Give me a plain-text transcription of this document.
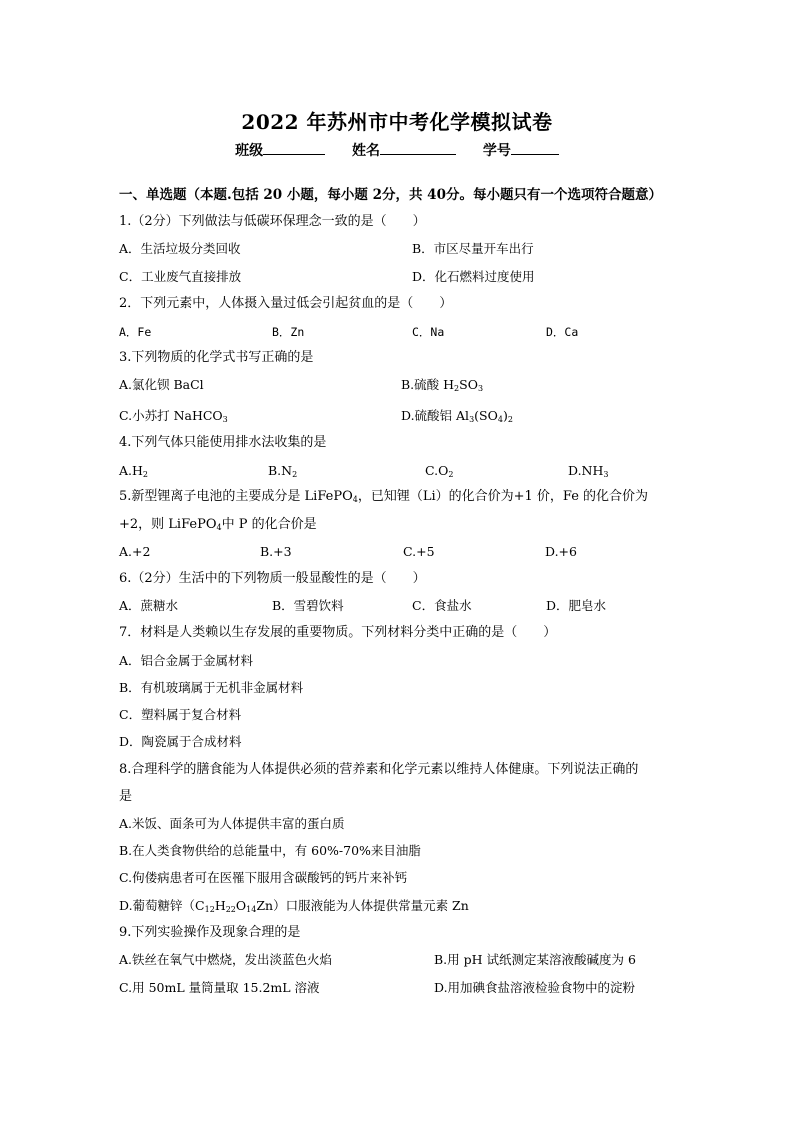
2022 年苏州市中考化学模拟试卷
班级	姓名	学号
一、单选题（本题.包括 20 小题，每小题 2分，共 40分。每小题只有一个选项符合题意）
1.（2分）下列做法与低碳环保理念一致的是（　　）
A．生活垃圾分类回收	B．市区尽量开车出行
C．工业废气直接排放	D．化石燃料过度使用
2．下列元素中，人体摄入量过低会引起贫血的是（　　）
A．Fe	B．Zn	C．Na	D．Ca
3.下列物质的化学式书写正确的是
A.氯化钡 BaCl	B.硫酸 $H_2SO_3$
C.小苏打 NaHCO$_3$	D.硫酸铝 $Al_3(SO_4)_2$
4.下列气体只能使用排水法收集的是
$A.H_2$	$B.N_2$	$C.O_2$	$D.NH_3$
5.新型锂离子电池的主要成分是 LiFePO$_4$，已知锂（Li）的化合价为+1 价，Fe 的化合价为
+2，则 LiFePO$_4$中 P 的化合价是
A.+2	B.+3	C.+5	D.+6
6.（2分）生活中的下列物质一般显酸性的是（　　）
A．蔗糖水	B．雪碧饮料	C．食盐水	D．肥皂水
7．材料是人类赖以生存发展的重要物质。下列材料分类中正确的是（　　）
A．铝合金属于金属材料
B．有机玻璃属于无机非金属材料
C．塑料属于复合材料
D．陶瓷属于合成材料
8.合理科学的膳食能为人体提供必须的营养素和化学元素以维持人体健康。下列说法正确的
是
A.米饭、面条可为人体提供丰富的蛋白质
B.在人类食物供给的总能量中，有 60%-70%来目油脂
C.佝偻病患者可在医罹下服用含碳酸钙的钙片来补钙
D.葡萄糖锌$(C_{12}H_{22}O_{14}Zn)$口服液能为人体提供常量元素 Zn
9.下列实验操作及现象合理的是
A.铁丝在氧气中燃烧，发出淡蓝色火焰	B.用 pH 试纸测定某溶液酸碱度为 6
C.用 50mL 量筒量取 15.2mL 溶液	D.用加碘食盐溶液检验食物中的淀粉
